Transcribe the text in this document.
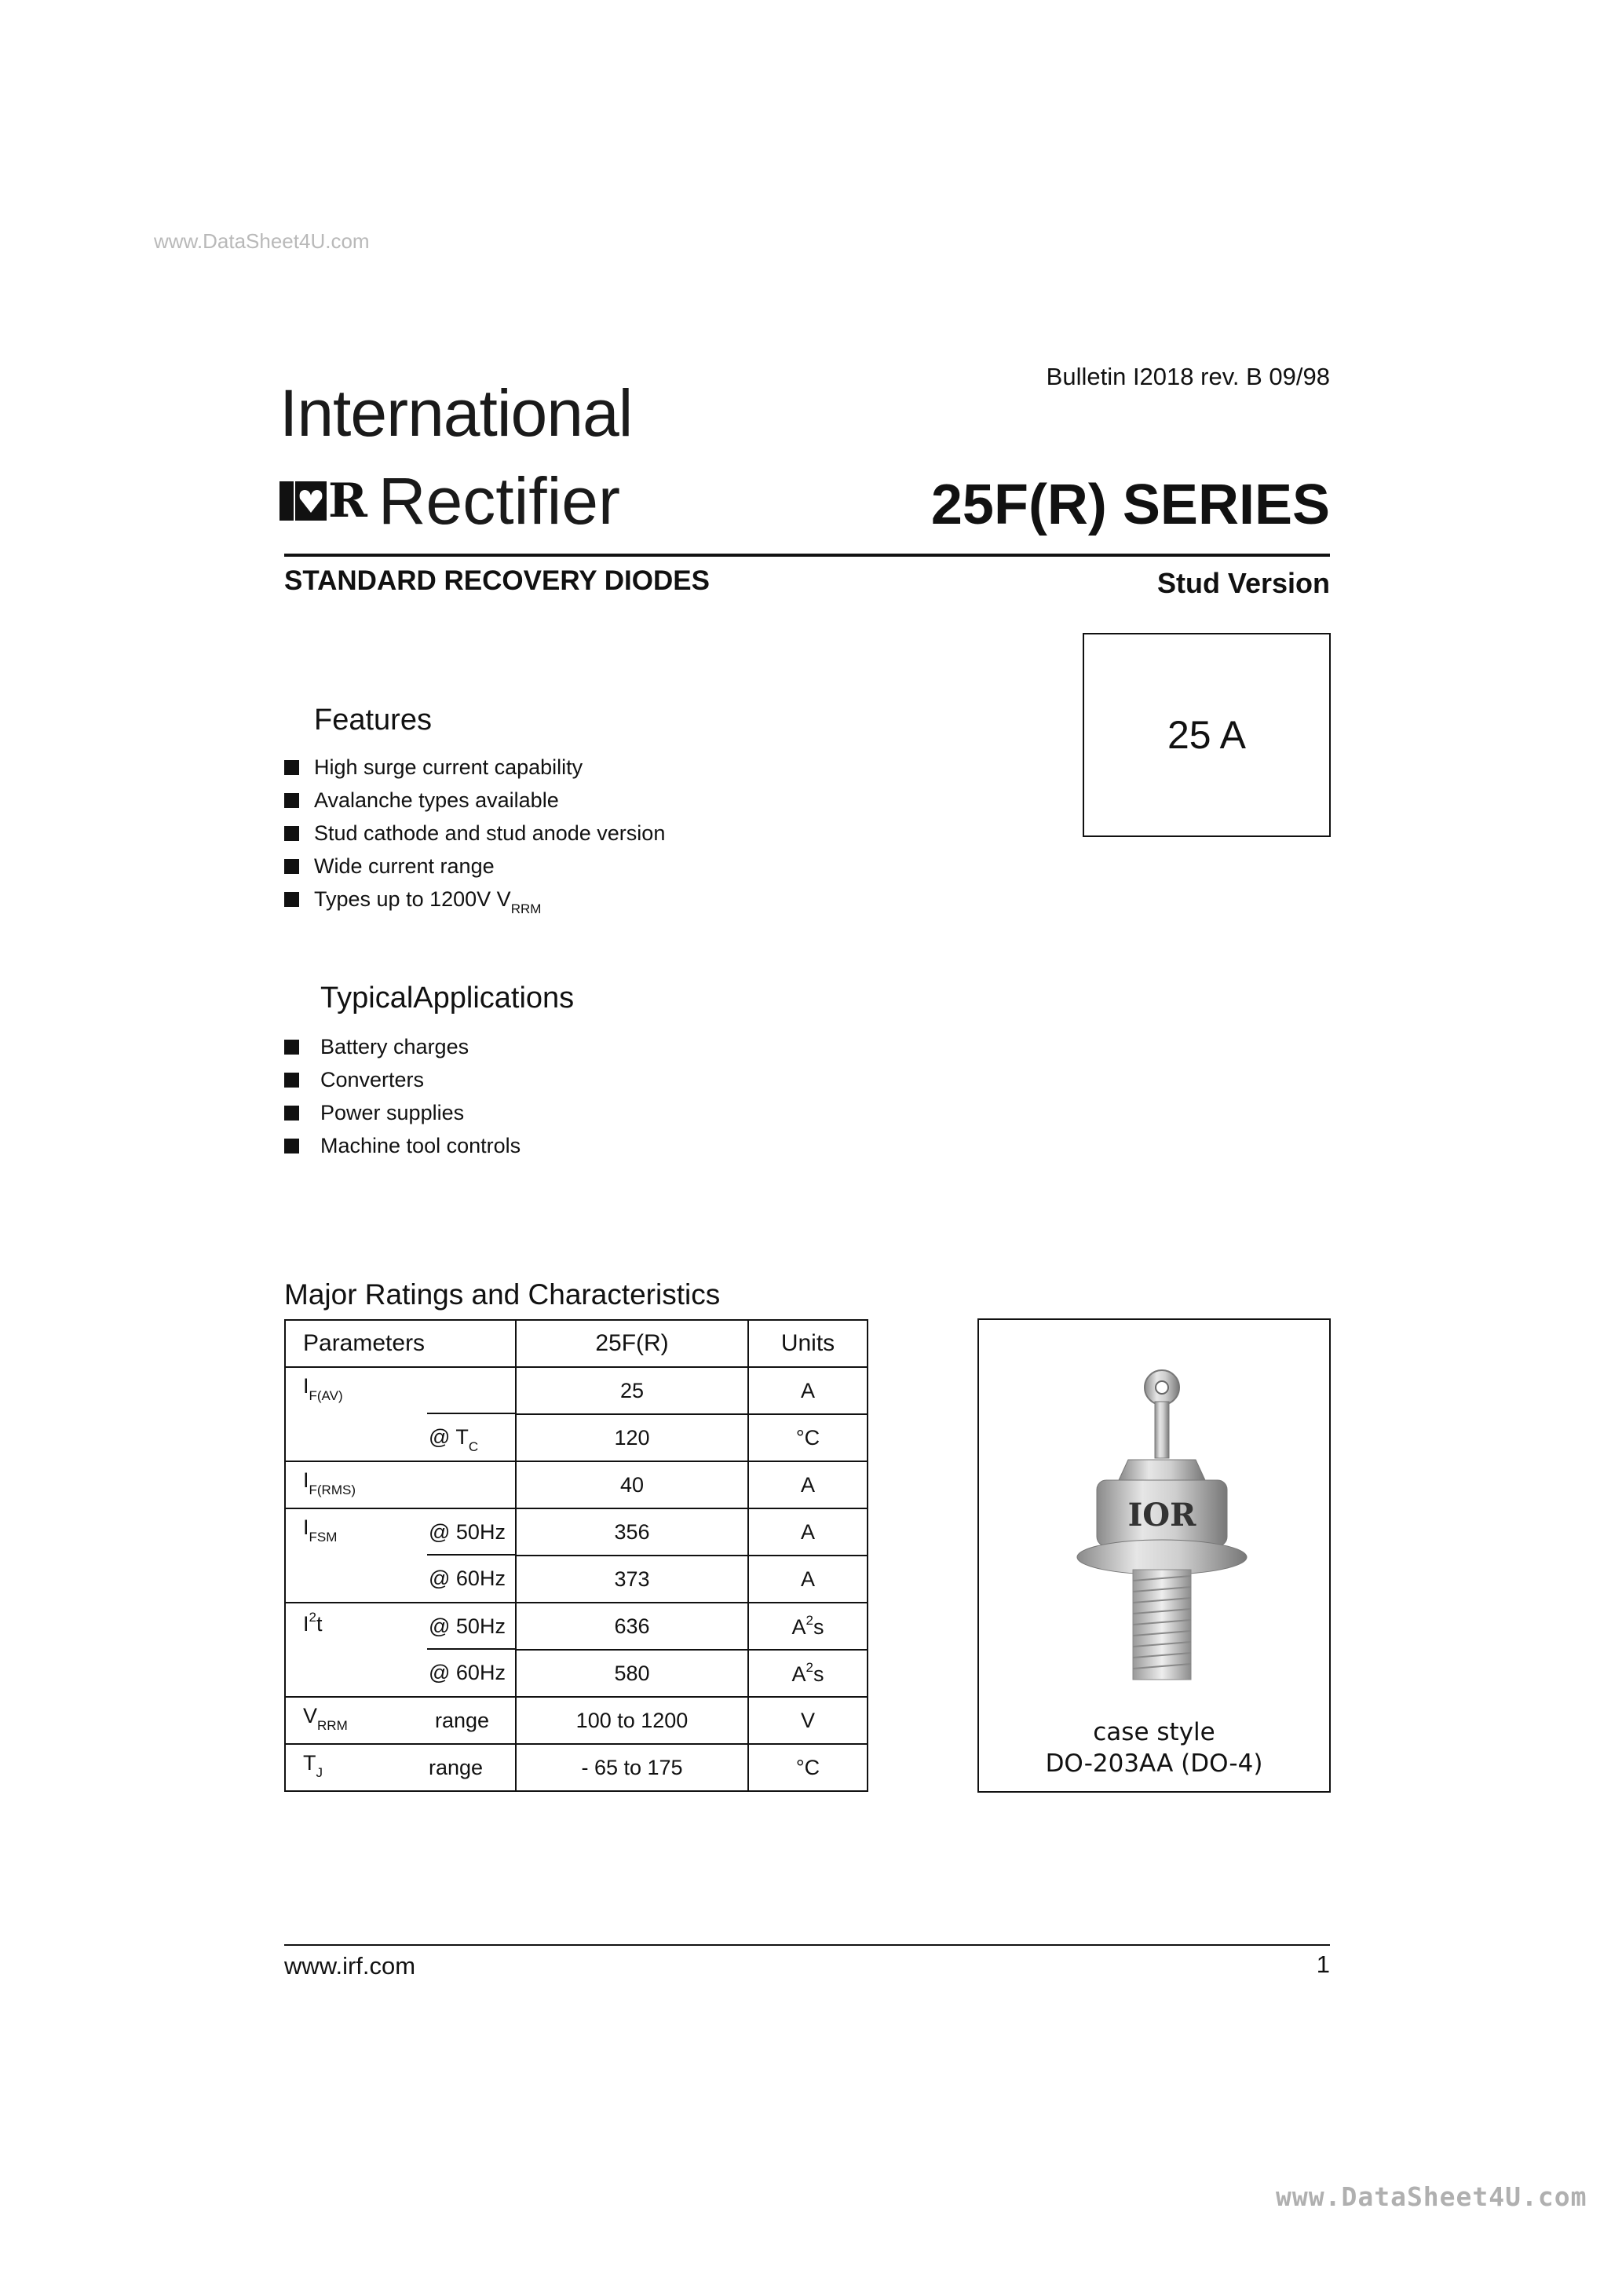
www.DataSheet4U.com
Bulletin I2018 rev. B 09/98
International
R Rectifier	25F(R) SERIES
STANDARD RECOVERY DIODES	Stud Version
25 A
Features
High surge current capability
Avalanche types available
Stud cathode and stud anode version
Wide current range
Types up to 1200V $V_{RRM}$
TypicalApplications
Battery charges
Converters
Power supplies
Machine tool controls
Major Ratings and Characteristics
Parameters	25F(R)	Units

$I_{F(AV)}$	25	A

@ $T_C$	120	°C

$I_{F(RMS)}$	40	A

$I_{FSM}$ @ 50Hz	356	A

@ 60Hz	373	A

$I^2t$ @ 50Hz	636	$A^2s$

@ 60Hz	580	$A^2s$

$V_{RRM}$ range	100 to 1200	V

$T_J$ range	- 65 to 175	°C
IOR
case style
DO-203AA (DO-4)
www.irf.com	1
www.DataSheet4U.com
